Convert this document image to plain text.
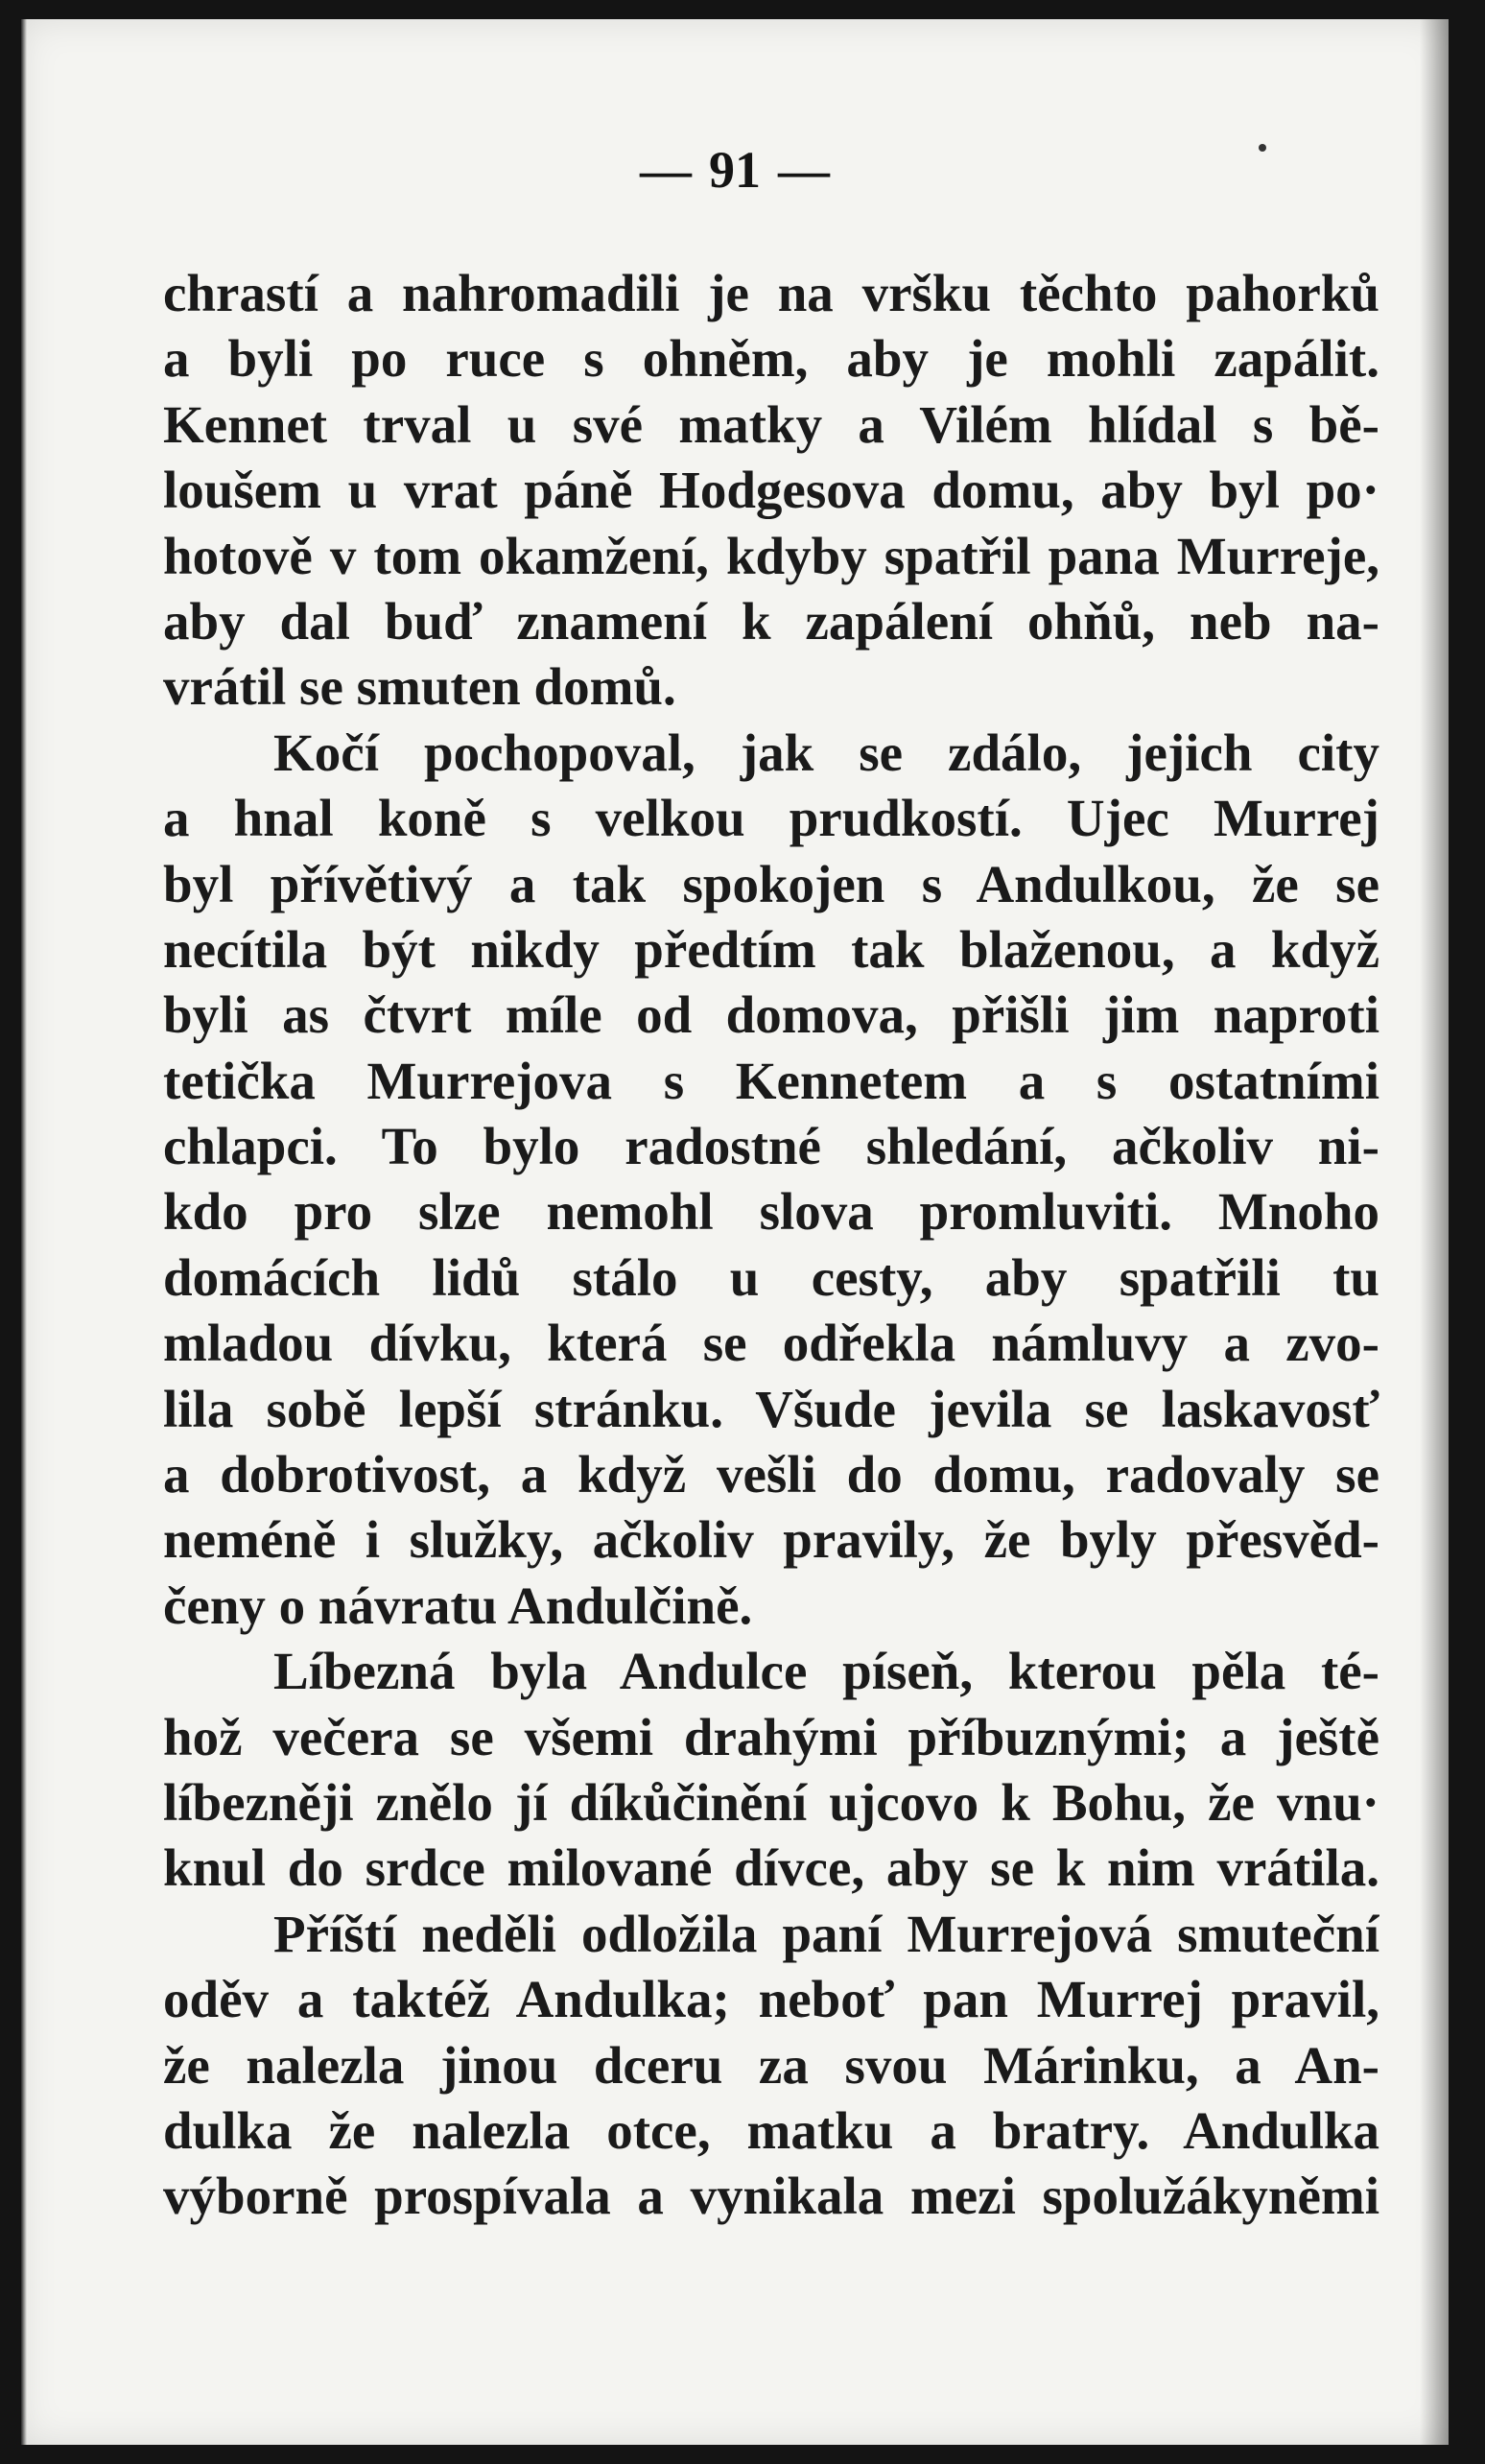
— 91 —
chrastí a nahromadili je na vršku těchto pahorků
a byli po ruce s ohněm, aby je mohli zapálit.
Kennet trval u své matky a Vilém hlídal s bě-
loušem u vrat páně Hodgesova domu, aby byl po·
hotově v tom okamžení, kdyby spatřil pana Murreje,
aby dal buď znamení k zapálení ohňů, neb na-
vrátil se smuten domů.
Kočí pochopoval, jak se zdálo, jejich city
a hnal koně s velkou prudkostí. Ujec Murrej
byl přívětivý a tak spokojen s Andulkou, že se
necítila být nikdy předtím tak blaženou, a když
byli as čtvrt míle od domova, přišli jim naproti
tetička Murrejova s Kennetem a s ostatními
chlapci. To bylo radostné shledání, ačkoliv ni-
kdo pro slze nemohl slova promluviti. Mnoho
domácích lidů stálo u cesty, aby spatřili tu
mladou dívku, která se odřekla námluvy a zvo-
lila sobě lepší stránku. Všude jevila se laskavosť
a dobrotivost, a když vešli do domu, radovaly se
neméně i služky, ačkoliv pravily, že byly přesvěd-
čeny o návratu Andulčině.
Líbezná byla Andulce píseň, kterou pěla té-
hož večera se všemi drahými příbuznými; a ještě
líbezněji znělo jí díkůčinění ujcovo k Bohu, že vnu·
knul do srdce milované dívce, aby se k nim vrátila.
Příští neděli odložila paní Murrejová smuteční
oděv a taktéž Andulka; neboť pan Murrej pravil,
že nalezla jinou dceru za svou Márinku, a An-
dulka že nalezla otce, matku a bratry. Andulka
výborně prospívala a vynikala mezi spolužákyněmi
